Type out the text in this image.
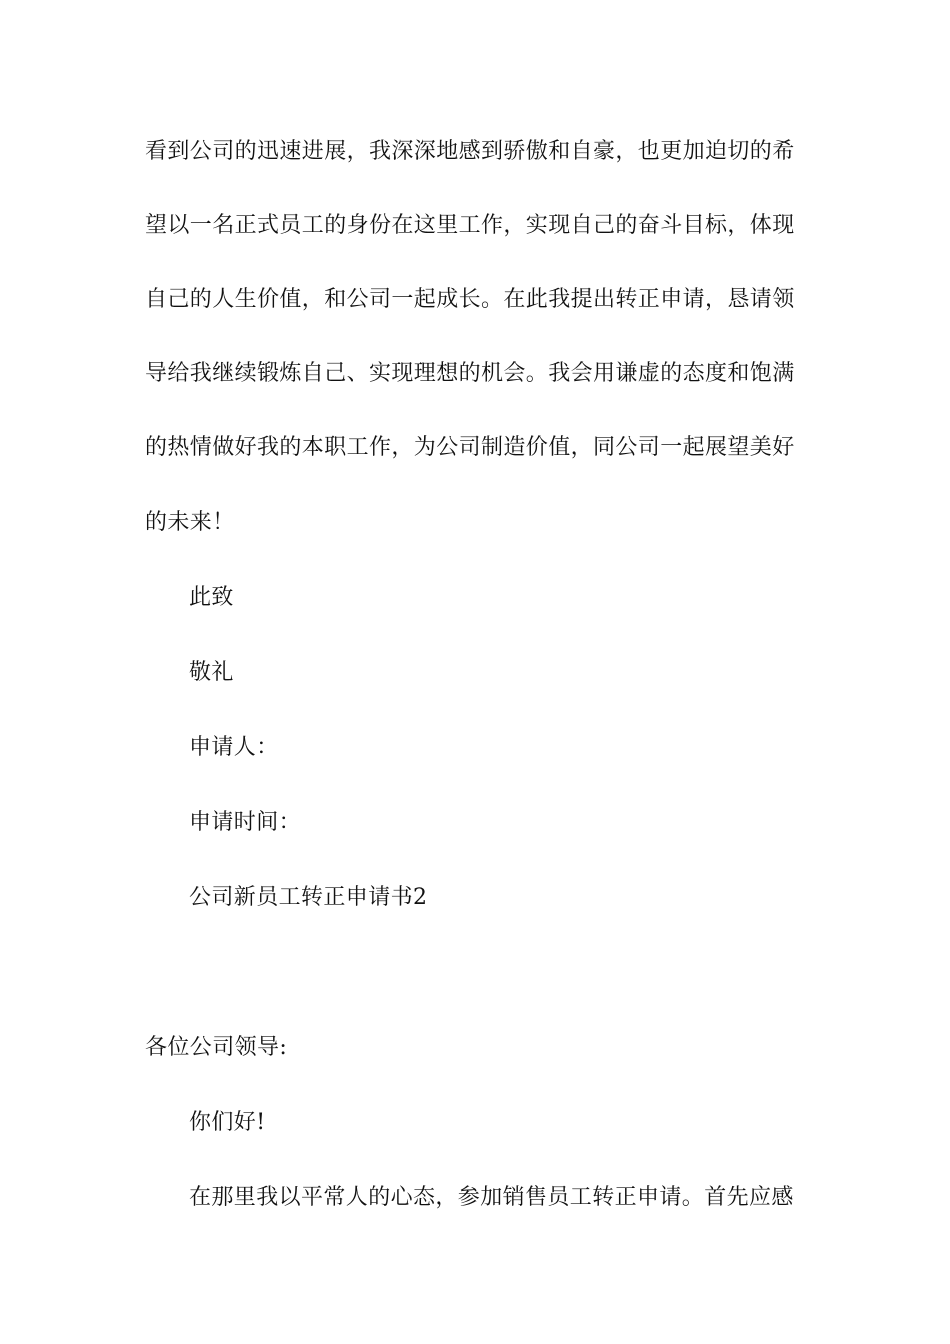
看到公司的迅速进展，我深深地感到骄傲和自豪，也更加迫切的希
望以一名正式员工的身份在这里工作，实现自己的奋斗目标，体现
自己的人生价值，和公司一起成长。在此我提出转正申请，恳请领
导给我继续锻炼自己、实现理想的机会。我会用谦虚的态度和饱满
的热情做好我的本职工作，为公司制造价值，同公司一起展望美好
的未来！
此致
敬礼
申请人：
申请时间：
公司新员工转正申请书2
各位公司领导:
你们好!
在那里我以平常人的心态，参加销售员工转正申请。首先应感
